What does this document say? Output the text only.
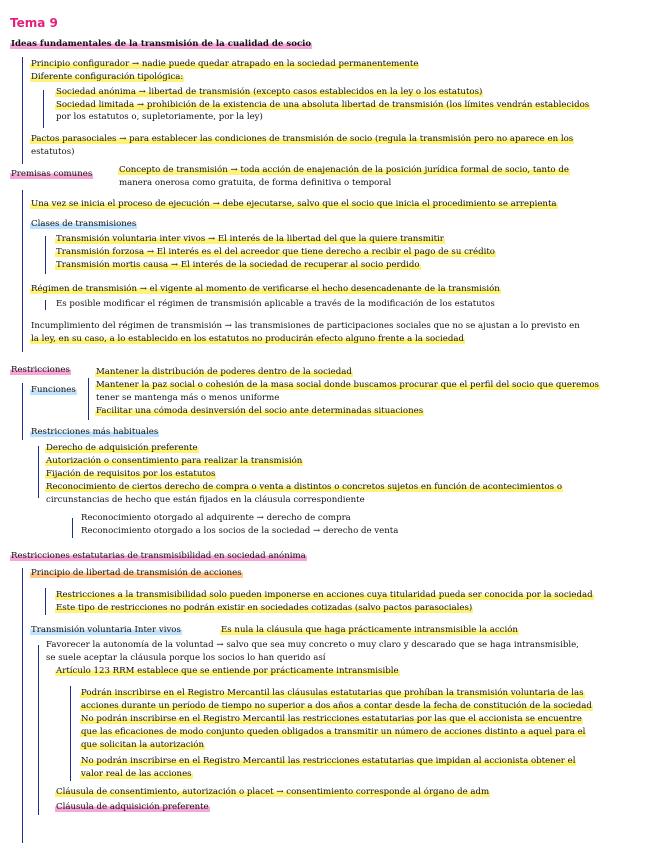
Tema 9
Ideas fundamentales de la transmisión de la cualidad de socio
Principio configurador → nadie puede quedar atrapado en la sociedad permanentemente
Diferente configuración tipológica:
Sociedad anónima → libertad de transmisión (excepto casos establecidos en la ley o los estatutos)
Sociedad limitada → prohibición de la existencia de una absoluta libertad de transmisión (los límites vendrán establecidos
por los estatutos o, supletoriamente, por la ley)
Pactos parasociales → para establecer las condiciones de transmisión de socio (regula la transmisión pero no aparece en los
estatutos)
Premisas comunes	Concepto de transmisión → toda acción de enajenación de la posición jurídica formal de socio, tanto de
manera onerosa como gratuita, de forma definitiva o temporal
Una vez se inicia el proceso de ejecución → debe ejecutarse, salvo que el socio que inicia el procedimiento se arrepienta
Clases de transmisiones
Transmisión voluntaria inter vivos → El interés de la libertad del que la quiere transmitir
Transmisión forzosa → El interés es el del acreedor que tiene derecho a recibir el pago de su crédito
Transmisión mortis causa → El interés de la sociedad de recuperar al socio perdido
Régimen de transmisión → el vigente al momento de verificarse el hecho desencadenante de la transmisión
Es posible modificar el régimen de transmisión aplicable a través de la modificación de los estatutos
Incumplimiento del régimen de transmisión → las transmisiones de participaciones sociales que no se ajustan a lo previsto en
la ley, en su caso, a lo establecido en los estatutos no producirán efecto alguno frente a la sociedad
Restricciones
Funciones
Mantener la distribución de poderes dentro de la sociedad
Mantener la paz social o cohesión de la masa social donde buscamos procurar que el perfil del socio que queremos
tener se mantenga más o menos uniforme
Facilitar una cómoda desinversión del socio ante determinadas situaciones
Restricciones más habituales
Derecho de adquisición preferente
Autorización o consentimiento para realizar la transmisión
Fijación de requisitos por los estatutos
Reconocimiento de ciertos derecho de compra o venta a distintos o concretos sujetos en función de acontecimientos o
circunstancias de hecho que están fijados en la cláusula correspondiente
Reconocimiento otorgado al adquirente → derecho de compra
Reconocimiento otorgado a los socios de la sociedad → derecho de venta
Restricciones estatutarias de transmisibilidad en sociedad anónima
Principio de libertad de transmisión de acciones
Restricciones a la transmisibilidad solo pueden imponerse en acciones cuya titularidad pueda ser conocida por la sociedad
Este tipo de restricciones no podrán existir en sociedades cotizadas (salvo pactos parasociales)
Transmisión voluntaria Inter vivos	Es nula la cláusula que haga prácticamente intransmisible la acción
Favorecer la autonomía de la voluntad → salvo que sea muy concreto o muy claro y descarado que se haga intransmisible,
se suele aceptar la cláusula porque los socios lo han querido así
Artículo 123 RRM establece que se entiende por prácticamente intransmisible
Podrán inscribirse en el Registro Mercantil las cláusulas estatutarias que prohíban la transmisión voluntaria de las
acciones durante un período de tiempo no superior a dos años a contar desde la fecha de constitución de la sociedad
No podrán inscribirse en el Registro Mercantil las restricciones estatutarias por las que el accionista se encuentre
que las eficaciones de modo conjunto queden obligados a transmitir un número de acciones distinto a aquel para el
que solicitan la autorización
No podrán inscribirse en el Registro Mercantil las restricciones estatutarias que impidan al accionista obtener el
valor real de las acciones
Cláusula de consentimiento, autorización o placet → consentimiento corresponde al órgano de adm
Cláusula de adquisición preferente
